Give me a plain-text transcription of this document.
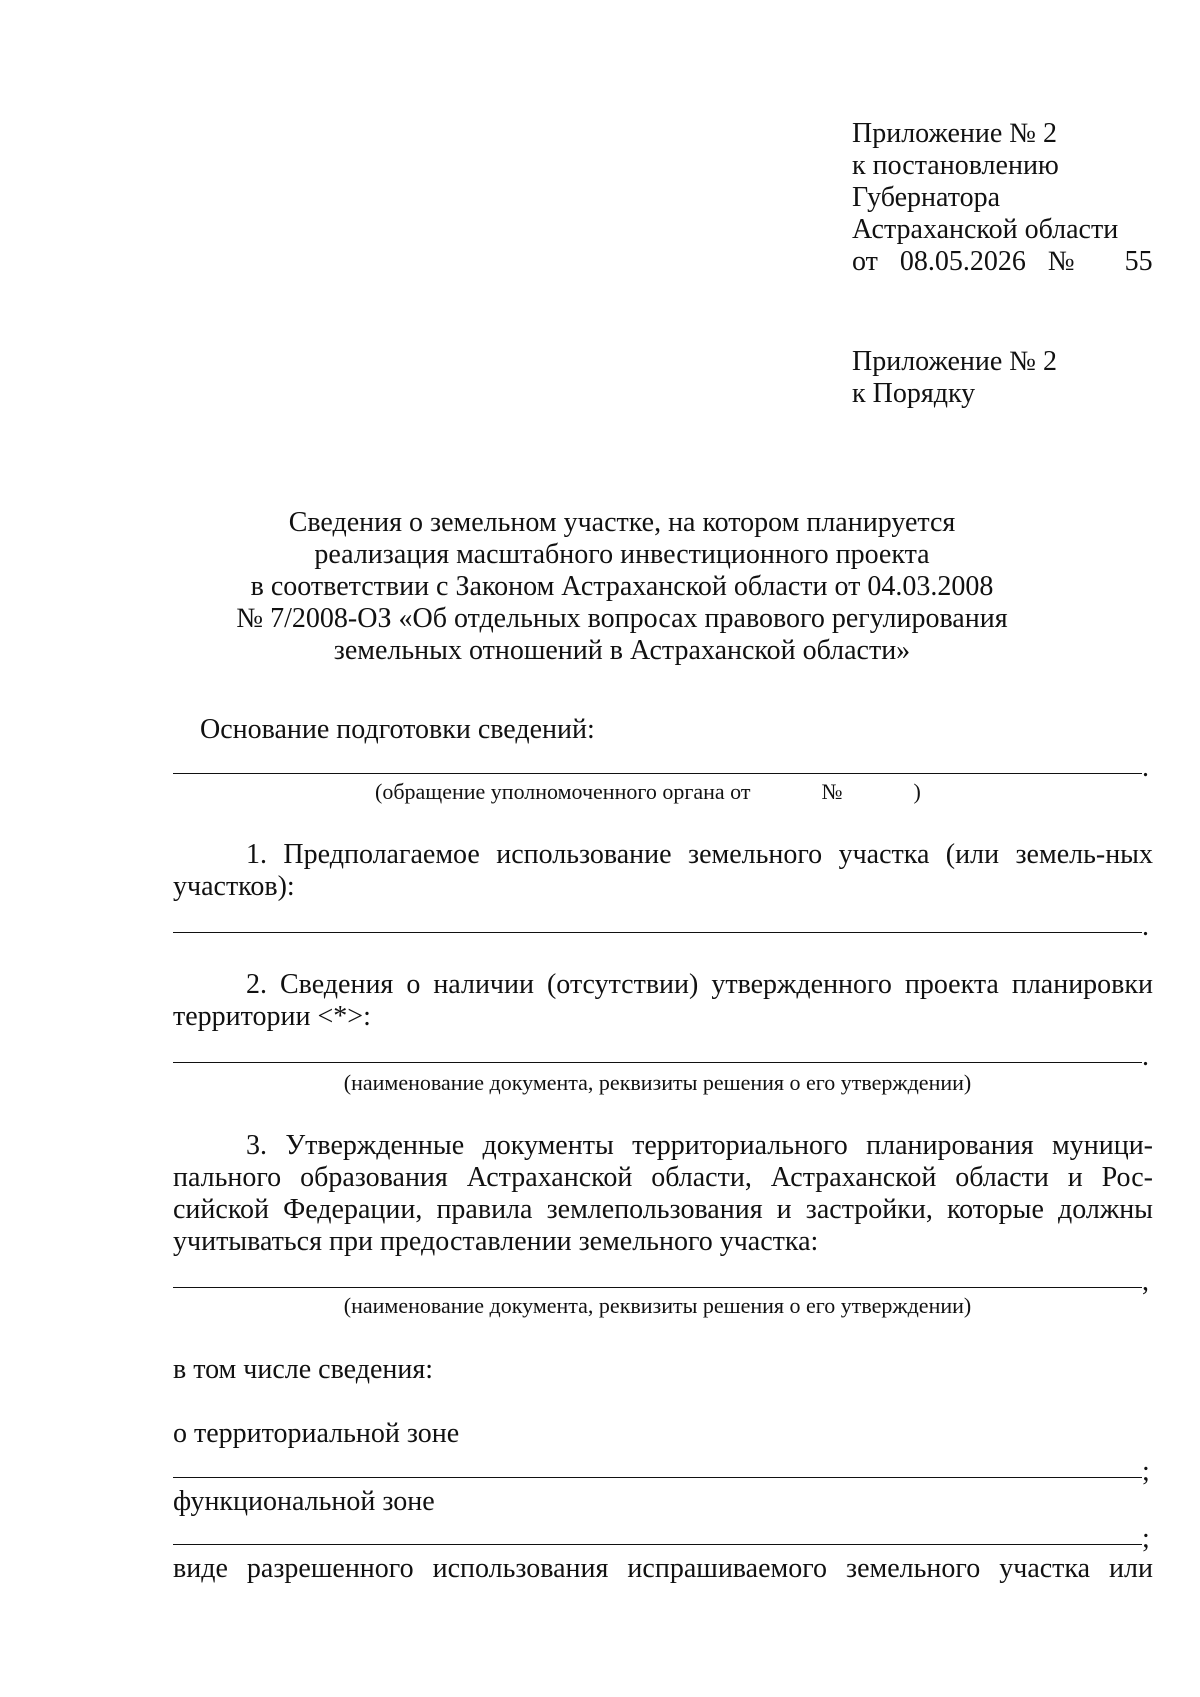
Приложение № 2
к постановлению
Губернатора
Астраханской области
от 08.05.2026 № 55
Приложение № 2
к Порядку
Сведения о земельном участке, на котором планируется
реализация масштабного инвестиционного проекта
в соответствии с Законом Астраханской области от 04.03.2008
№ 7/2008-ОЗ «Об отдельных вопросах правового регулирования
земельных отношений в Астраханской области»
Основание подготовки сведений:
.
(обращение уполномоченного органа от	№	)
1. Предполагаемое использование земельного участка (или земель-ных участков):
.
2. Сведения о наличии (отсутствии) утвержденного проекта планировки территории <*>:
.
(наименование документа, реквизиты решения о его утверждении)
3. Утвержденные документы территориального планирования муници-пального образования Астраханской области, Астраханской области и Рос-сийской Федерации, правила землепользования и застройки, которые должны учитываться при предоставлении земельного участка:
,
(наименование документа, реквизиты решения о его утверждении)
в том числе сведения:
о территориальной зоне
;
функциональной зоне
;
виде разрешенного использования испрашиваемого земельного участка или
